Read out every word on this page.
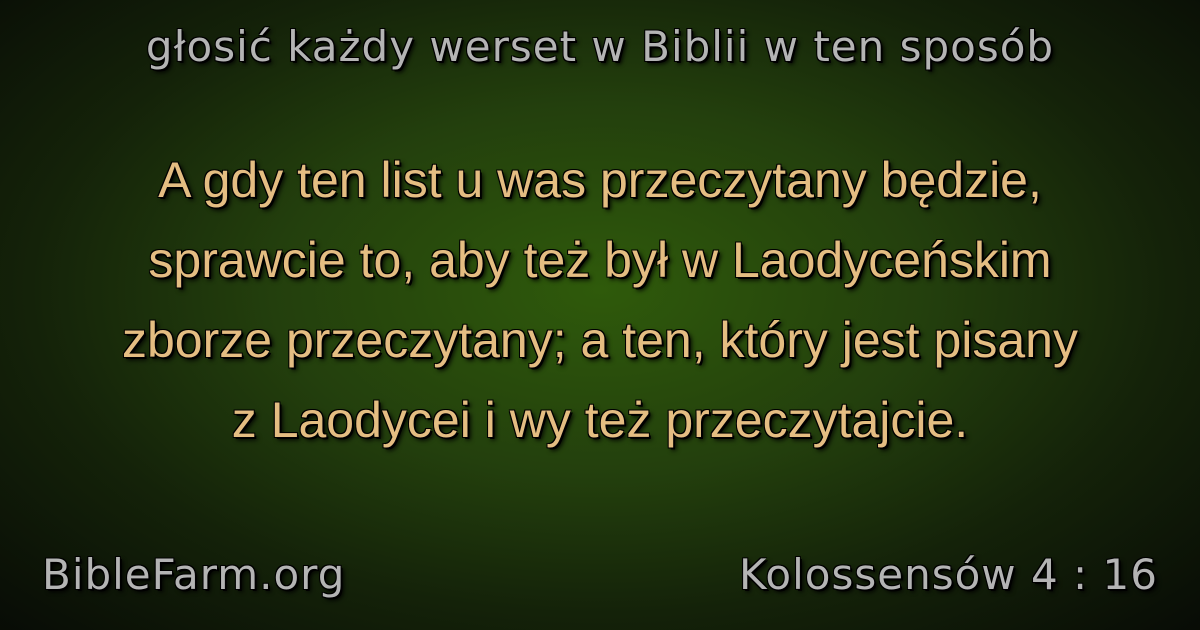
głosić każdy werset w Biblii w ten sposób
A gdy ten list u was przeczytany będzie,
sprawcie to, aby też był w Laodyceńskim
zborze przeczytany; a ten, który jest pisany
z Laodycei i wy też przeczytajcie.
BibleFarm.org	Kolossensów 4 : 16
